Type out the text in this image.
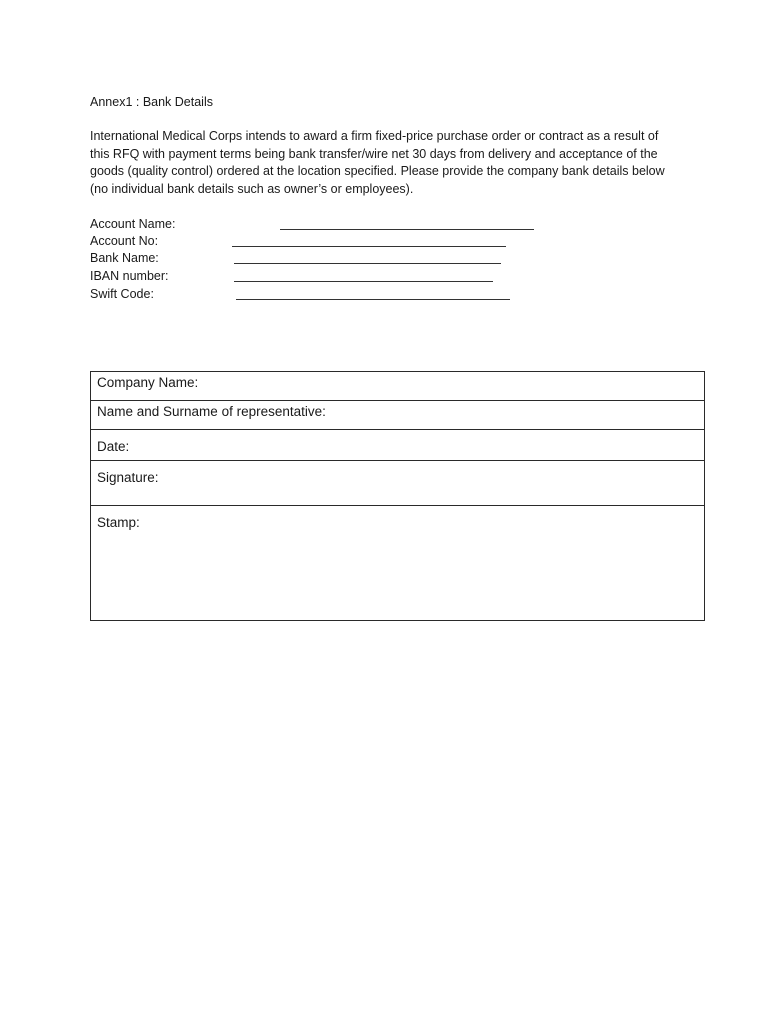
Annex1 : Bank Details
International Medical Corps intends to award a firm fixed-price purchase order or contract as a result of
this RFQ with payment terms being bank transfer/wire net 30 days from delivery and acceptance of the
goods (quality control) ordered at the location specified. Please provide the company bank details below
(no individual bank details such as owner’s or employees).
Account Name:
Account No:
Bank Name:
IBAN number:
Swift Code:
Company Name:
Name and Surname of representative:
Date:
Signature:
Stamp:
